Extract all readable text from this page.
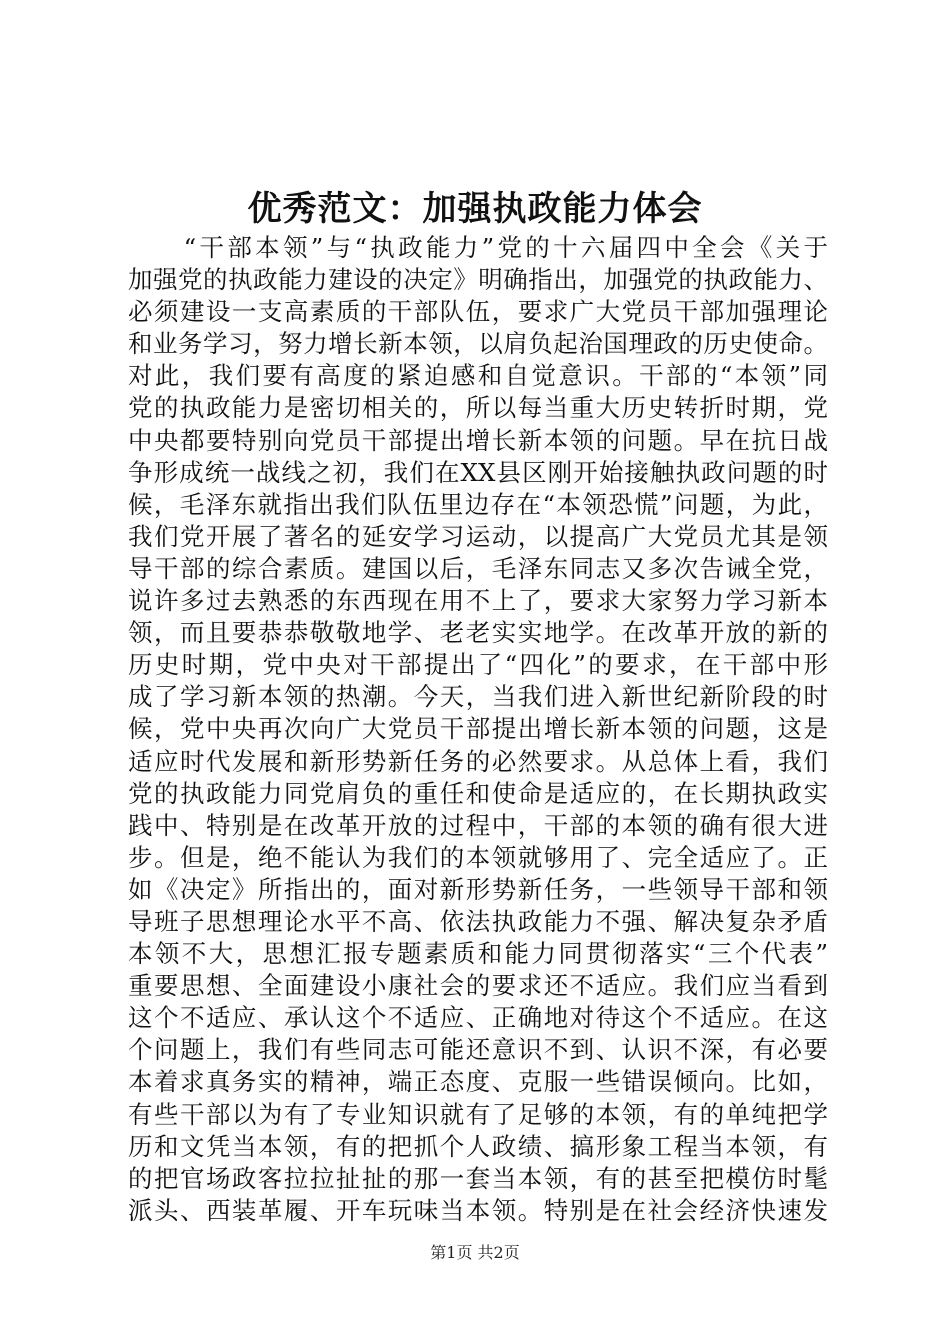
优秀范文：加强执政能力体会
　　“干部本领”与“执政能力”党的十六届四中全会《关于
加强党的执政能力建设的决定》明确指出，加强党的执政能力、
必须建设一支高素质的干部队伍，要求广大党员干部加强理论
和业务学习，努力增长新本领，以肩负起治国理政的历史使命。
对此，我们要有高度的紧迫感和自觉意识。干部的“本领”同
党的执政能力是密切相关的，所以每当重大历史转折时期，党
中央都要特别向党员干部提出增长新本领的问题。早在抗日战
争形成统一战线之初，我们在XX县区刚开始接触执政问题的时
候，毛泽东就指出我们队伍里边存在“本领恐慌”问题，为此，
我们党开展了著名的延安学习运动，以提高广大党员尤其是领
导干部的综合素质。建国以后，毛泽东同志又多次告诫全党，
说许多过去熟悉的东西现在用不上了，要求大家努力学习新本
领，而且要恭恭敬敬地学、老老实实地学。在改革开放的新的
历史时期，党中央对干部提出了“四化”的要求，在干部中形
成了学习新本领的热潮。今天，当我们进入新世纪新阶段的时
候，党中央再次向广大党员干部提出增长新本领的问题，这是
适应时代发展和新形势新任务的必然要求。从总体上看，我们
党的执政能力同党肩负的重任和使命是适应的，在长期执政实
践中、特别是在改革开放的过程中，干部的本领的确有很大进
步。但是，绝不能认为我们的本领就够用了、完全适应了。正
如《决定》所指出的，面对新形势新任务，一些领导干部和领
导班子思想理论水平不高、依法执政能力不强、解决复杂矛盾
本领不大，思想汇报专题素质和能力同贯彻落实“三个代表”
重要思想、全面建设小康社会的要求还不适应。我们应当看到
这个不适应、承认这个不适应、正确地对待这个不适应。在这
个问题上，我们有些同志可能还意识不到、认识不深，有必要
本着求真务实的精神，端正态度、克服一些错误倾向。比如，
有些干部以为有了专业知识就有了足够的本领，有的单纯把学
历和文凭当本领，有的把抓个人政绩、搞形象工程当本领，有
的把官场政客拉拉扯扯的那一套当本领，有的甚至把模仿时髦
派头、西装革履、开车玩味当本领。特别是在社会经济快速发
第1页 共2页
